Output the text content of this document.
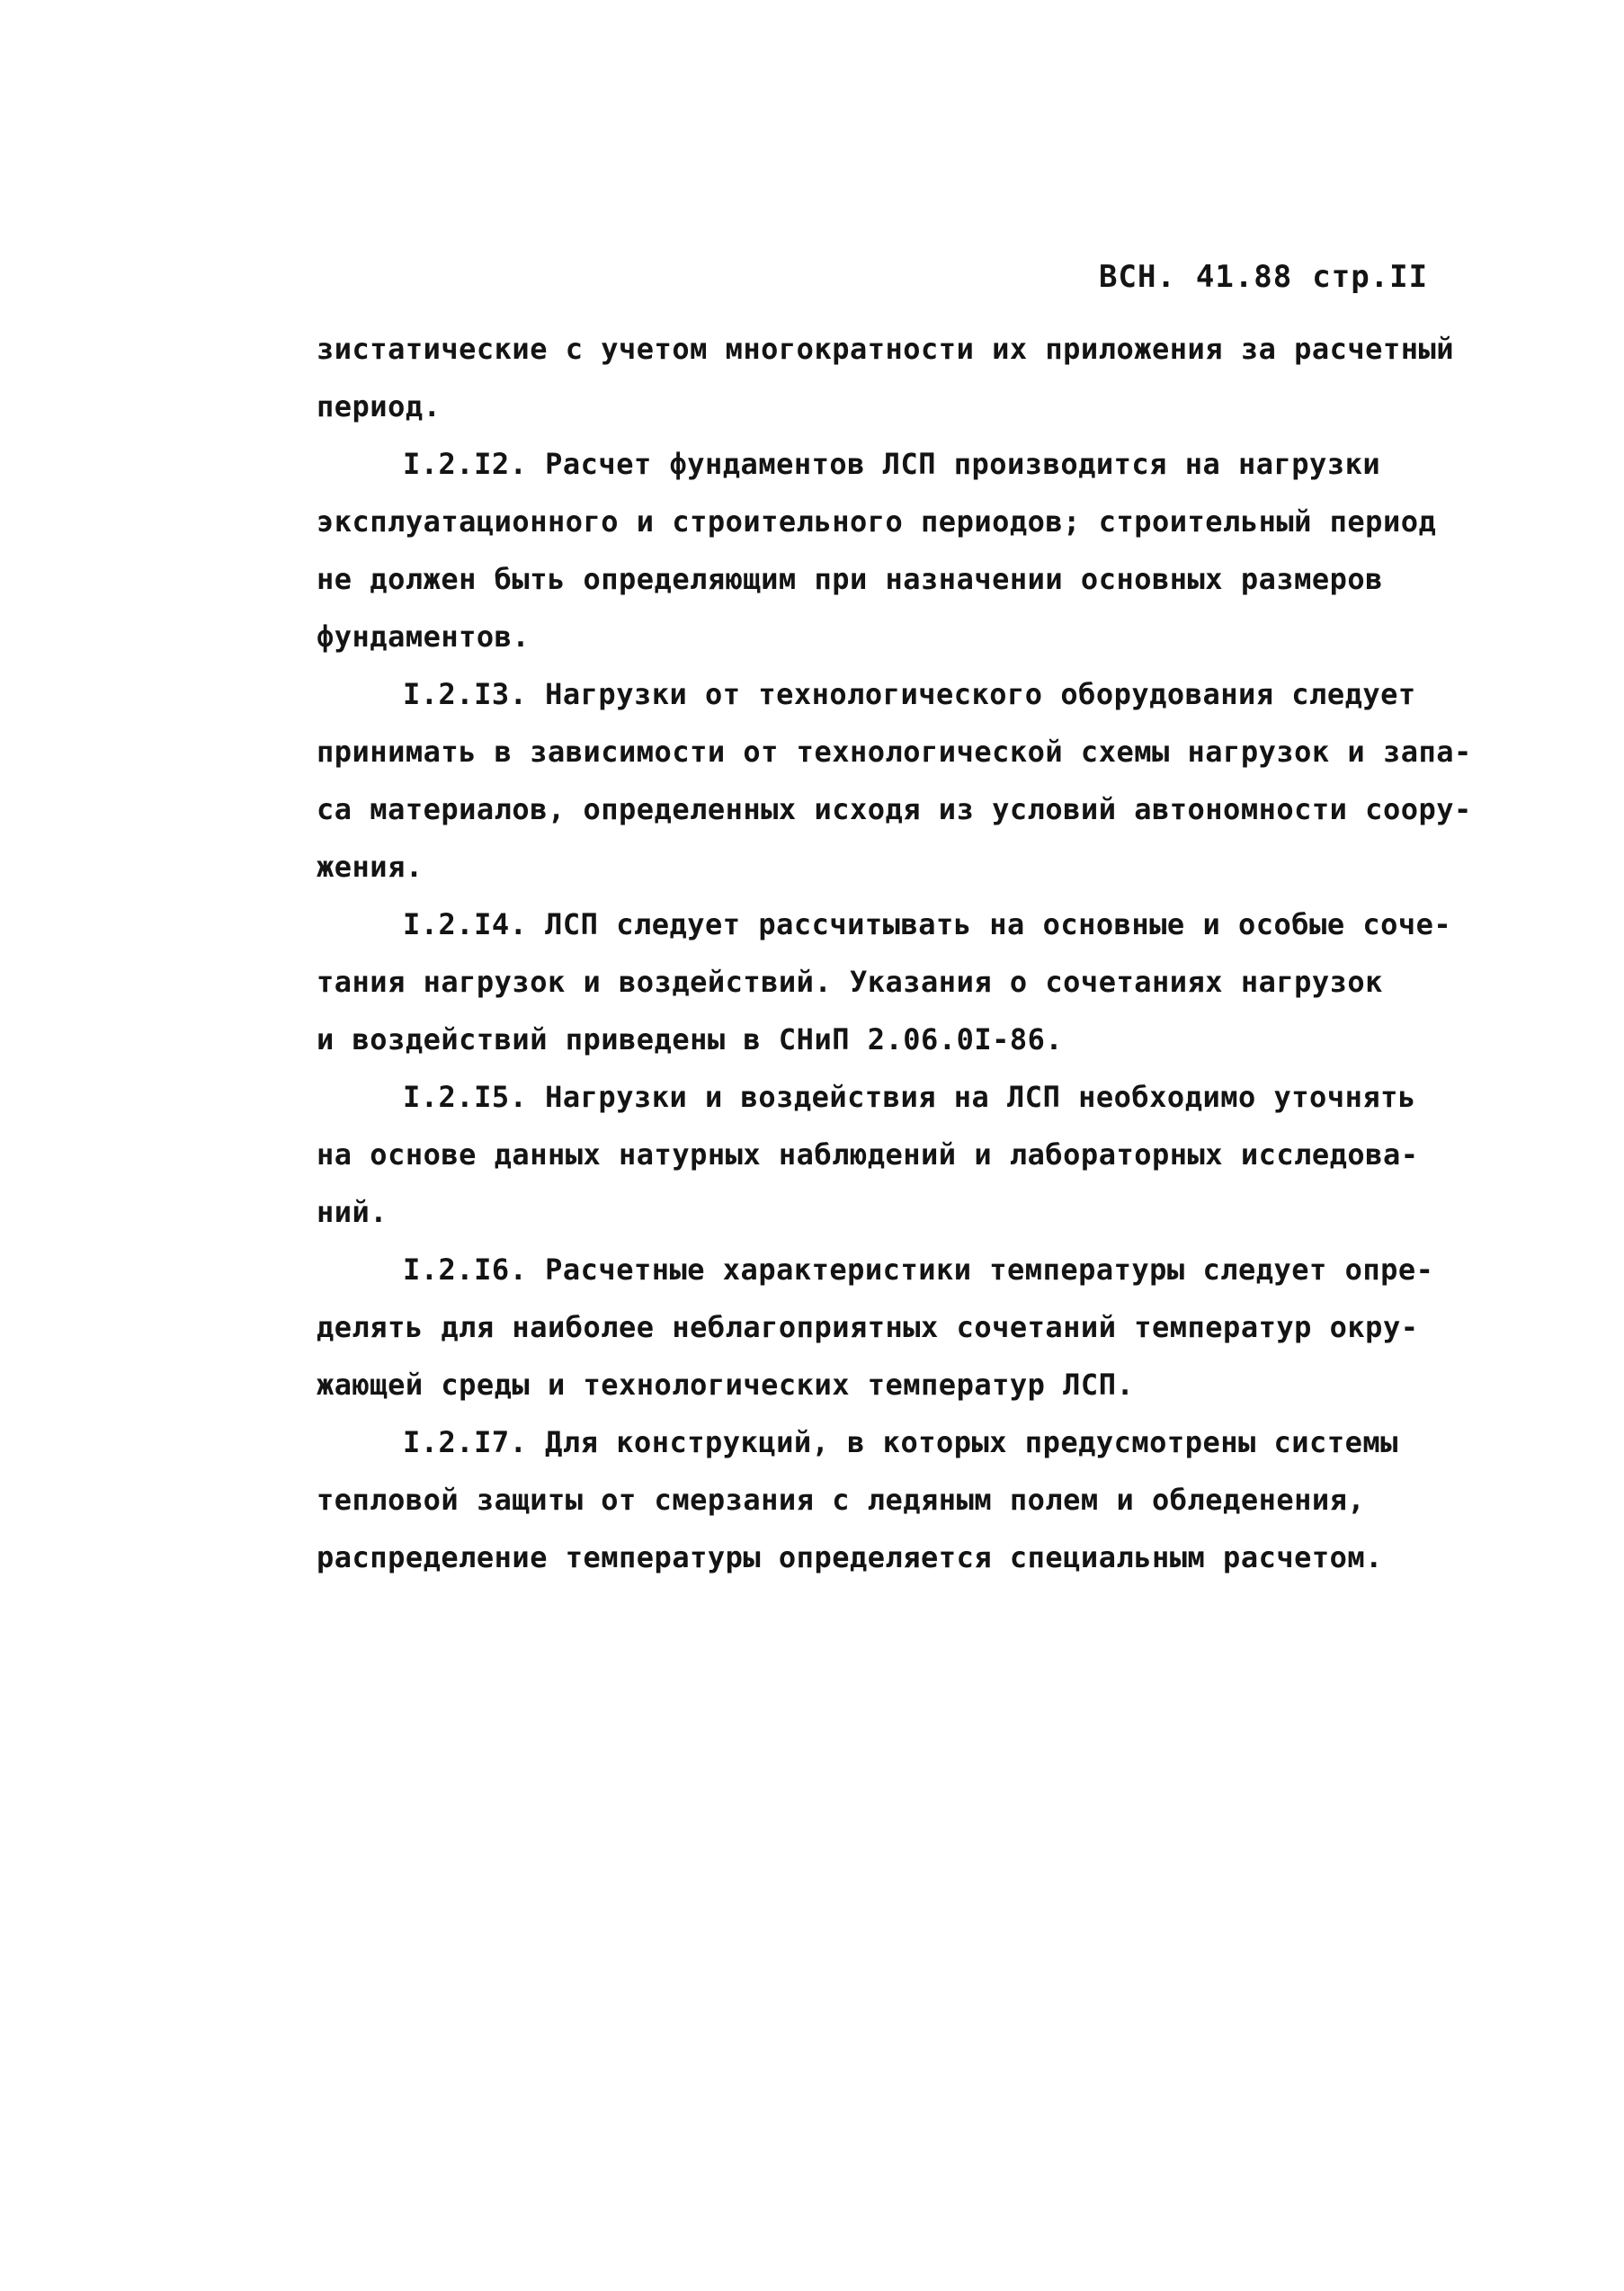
ВСН. 41.88 стр.II
зистатические с учетом многократности их приложения за расчетный
период.
I.2.I2. Расчет фундаментов ЛСП производится на нагрузки
эксплуатационного и строительного периодов; строительный период
не должен быть определяющим при назначении основных размеров
фундаментов.
I.2.I3. Нагрузки от технологического оборудования следует
принимать в зависимости от технологической схемы нагрузок и запа-
са материалов, определенных исходя из условий автономности соору-
жения.
I.2.I4. ЛСП следует рассчитывать на основные и особые соче-
тания нагрузок и воздействий. Указания о сочетаниях нагрузок
и воздействий приведены в СНиП 2.06.0I-86.
I.2.I5. Нагрузки и воздействия на ЛСП необходимо уточнять
на основе данных натурных наблюдений и лабораторных исследова-
ний.
I.2.I6. Расчетные характеристики температуры следует опре-
делять для наиболее неблагоприятных сочетаний температур окру-
жающей среды и технологических температур ЛСП.
I.2.I7. Для конструкций, в которых предусмотрены системы
тепловой защиты от смерзания с ледяным полем и обледенения,
распределение температуры определяется специальным расчетом.
